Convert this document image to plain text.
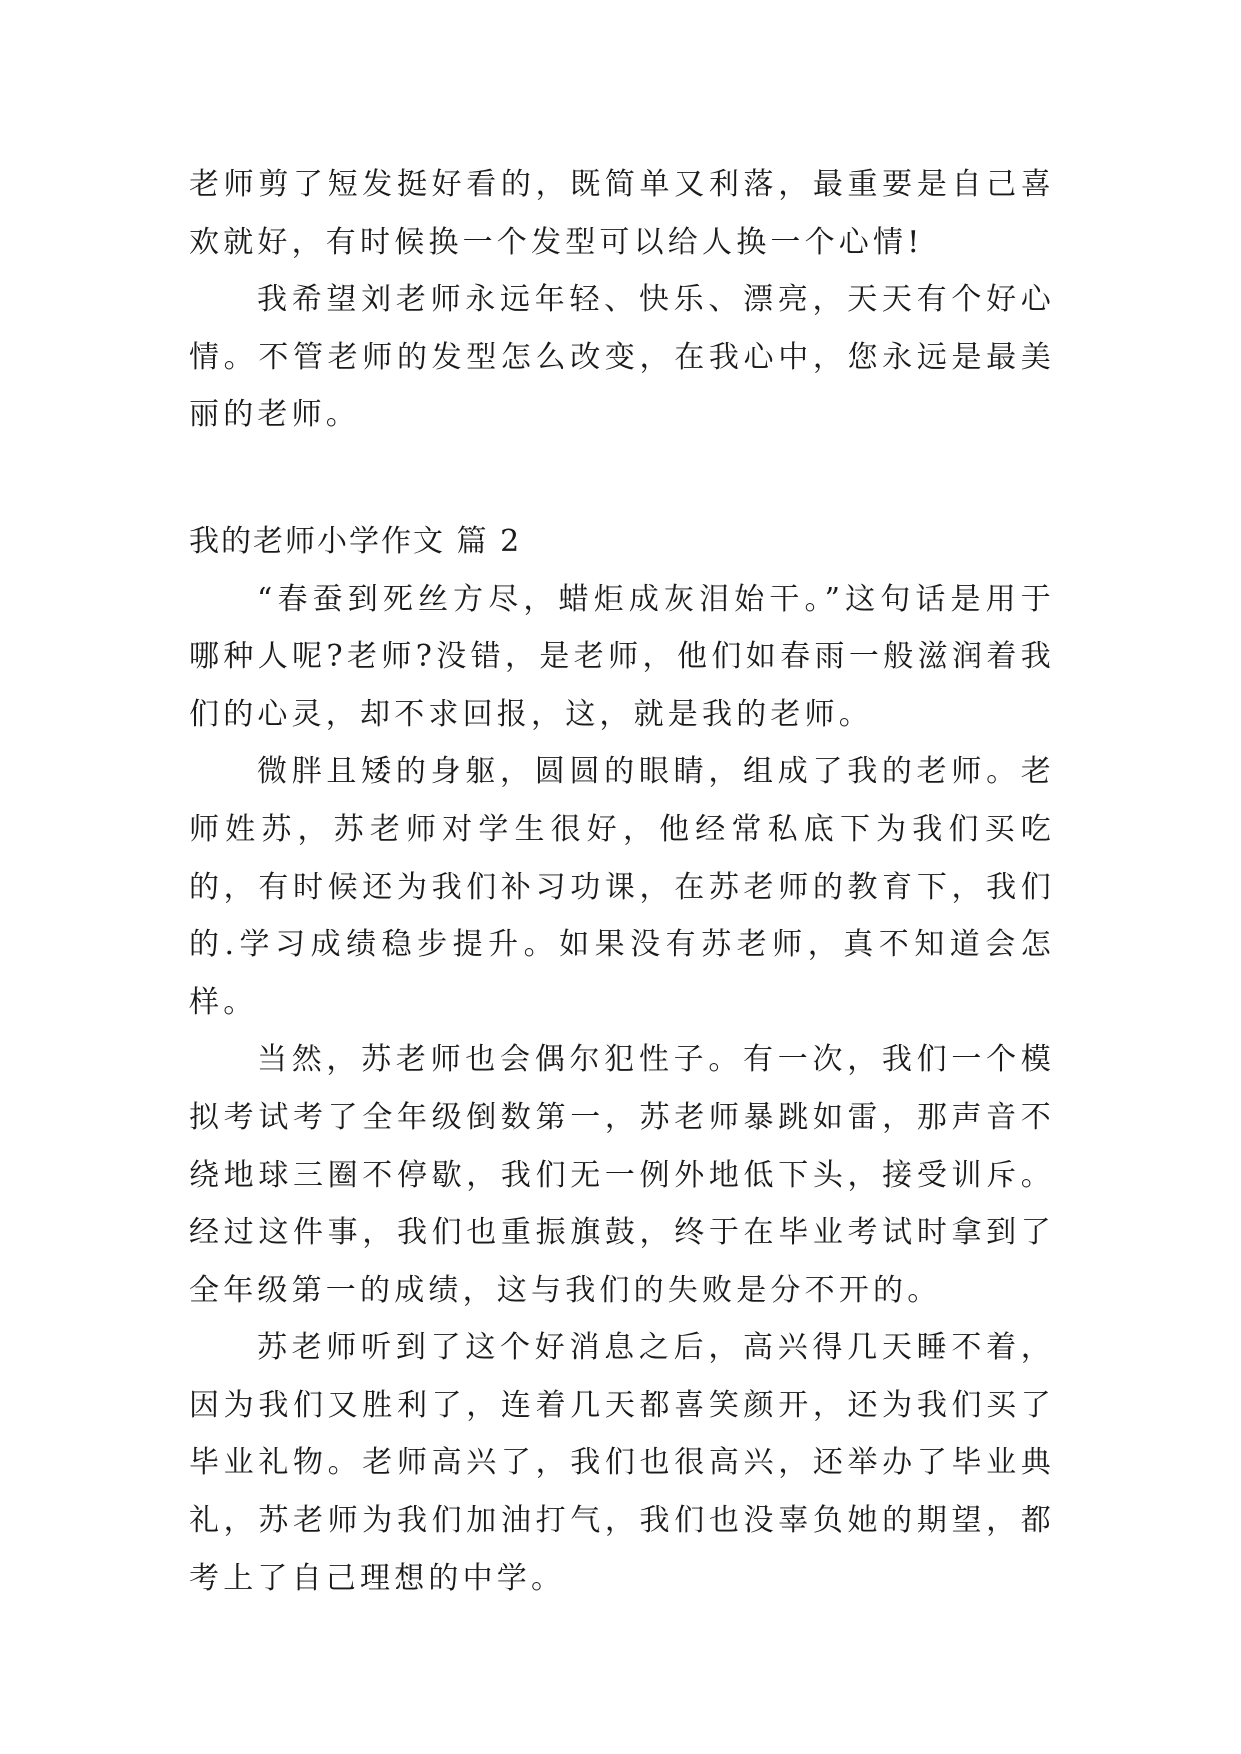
老师剪了短发挺好看的，既简单又利落，最重要是自己喜欢就好，有时候换一个发型可以给人换一个心情!

我希望刘老师永远年轻、快乐、漂亮，天天有个好心情。不管老师的发型怎么改变，在我心中，您永远是最美丽的老师。

我的老师小学作文 篇 2

“春蚕到死丝方尽，蜡炬成灰泪始干。”这句话是用于哪种人呢?老师?没错，是老师，他们如春雨一般滋润着我们的心灵，却不求回报，这，就是我的老师。

微胖且矮的身躯，圆圆的眼睛，组成了我的老师。老师姓苏，苏老师对学生很好，他经常私底下为我们买吃的，有时候还为我们补习功课，在苏老师的教育下，我们的.学习成绩稳步提升。如果没有苏老师，真不知道会怎样。

当然，苏老师也会偶尔犯性子。有一次，我们一个模拟考试考了全年级倒数第一，苏老师暴跳如雷，那声音不绕地球三圈不停歇，我们无一例外地低下头，接受训斥。经过这件事，我们也重振旗鼓，终于在毕业考试时拿到了全年级第一的成绩，这与我们的失败是分不开的。

苏老师听到了这个好消息之后，高兴得几天睡不着，因为我们又胜利了，连着几天都喜笑颜开，还为我们买了毕业礼物。老师高兴了，我们也很高兴，还举办了毕业典礼，苏老师为我们加油打气，我们也没辜负她的期望，都考上了自己理想的中学。
